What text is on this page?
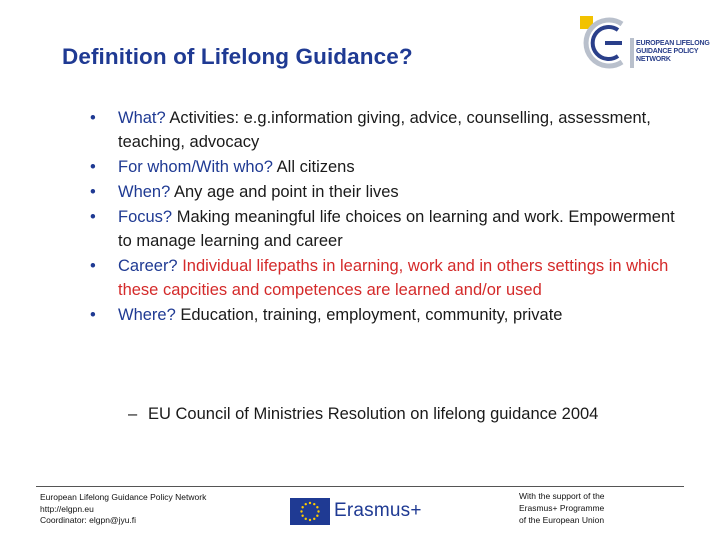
Definition of Lifelong Guidance?
EUROPEAN LIFELONG
GUIDANCE POLICY
NETWORK
•	What? Activities: e.g.information giving, advice, counselling, assessment, teaching, advocacy
•	For whom/With who? All citizens
•	When? Any age and point in their lives
•	Focus? Making meaningful life choices on learning and work. Empowerment to manage learning and career
•	Career? Individual lifepaths in learning, work and in others settings in which these capcities and competences are learned and/or used
•	Where? Education, training, employment, community, private
– EU Council of Ministries Resolution on lifelong guidance 2004
European Lifelong Guidance Policy Network
http://elgpn.eu
Coordinator: elgpn@jyu.fi	Erasmus+
With the support of the
Erasmus+ Programme
of the European Union
